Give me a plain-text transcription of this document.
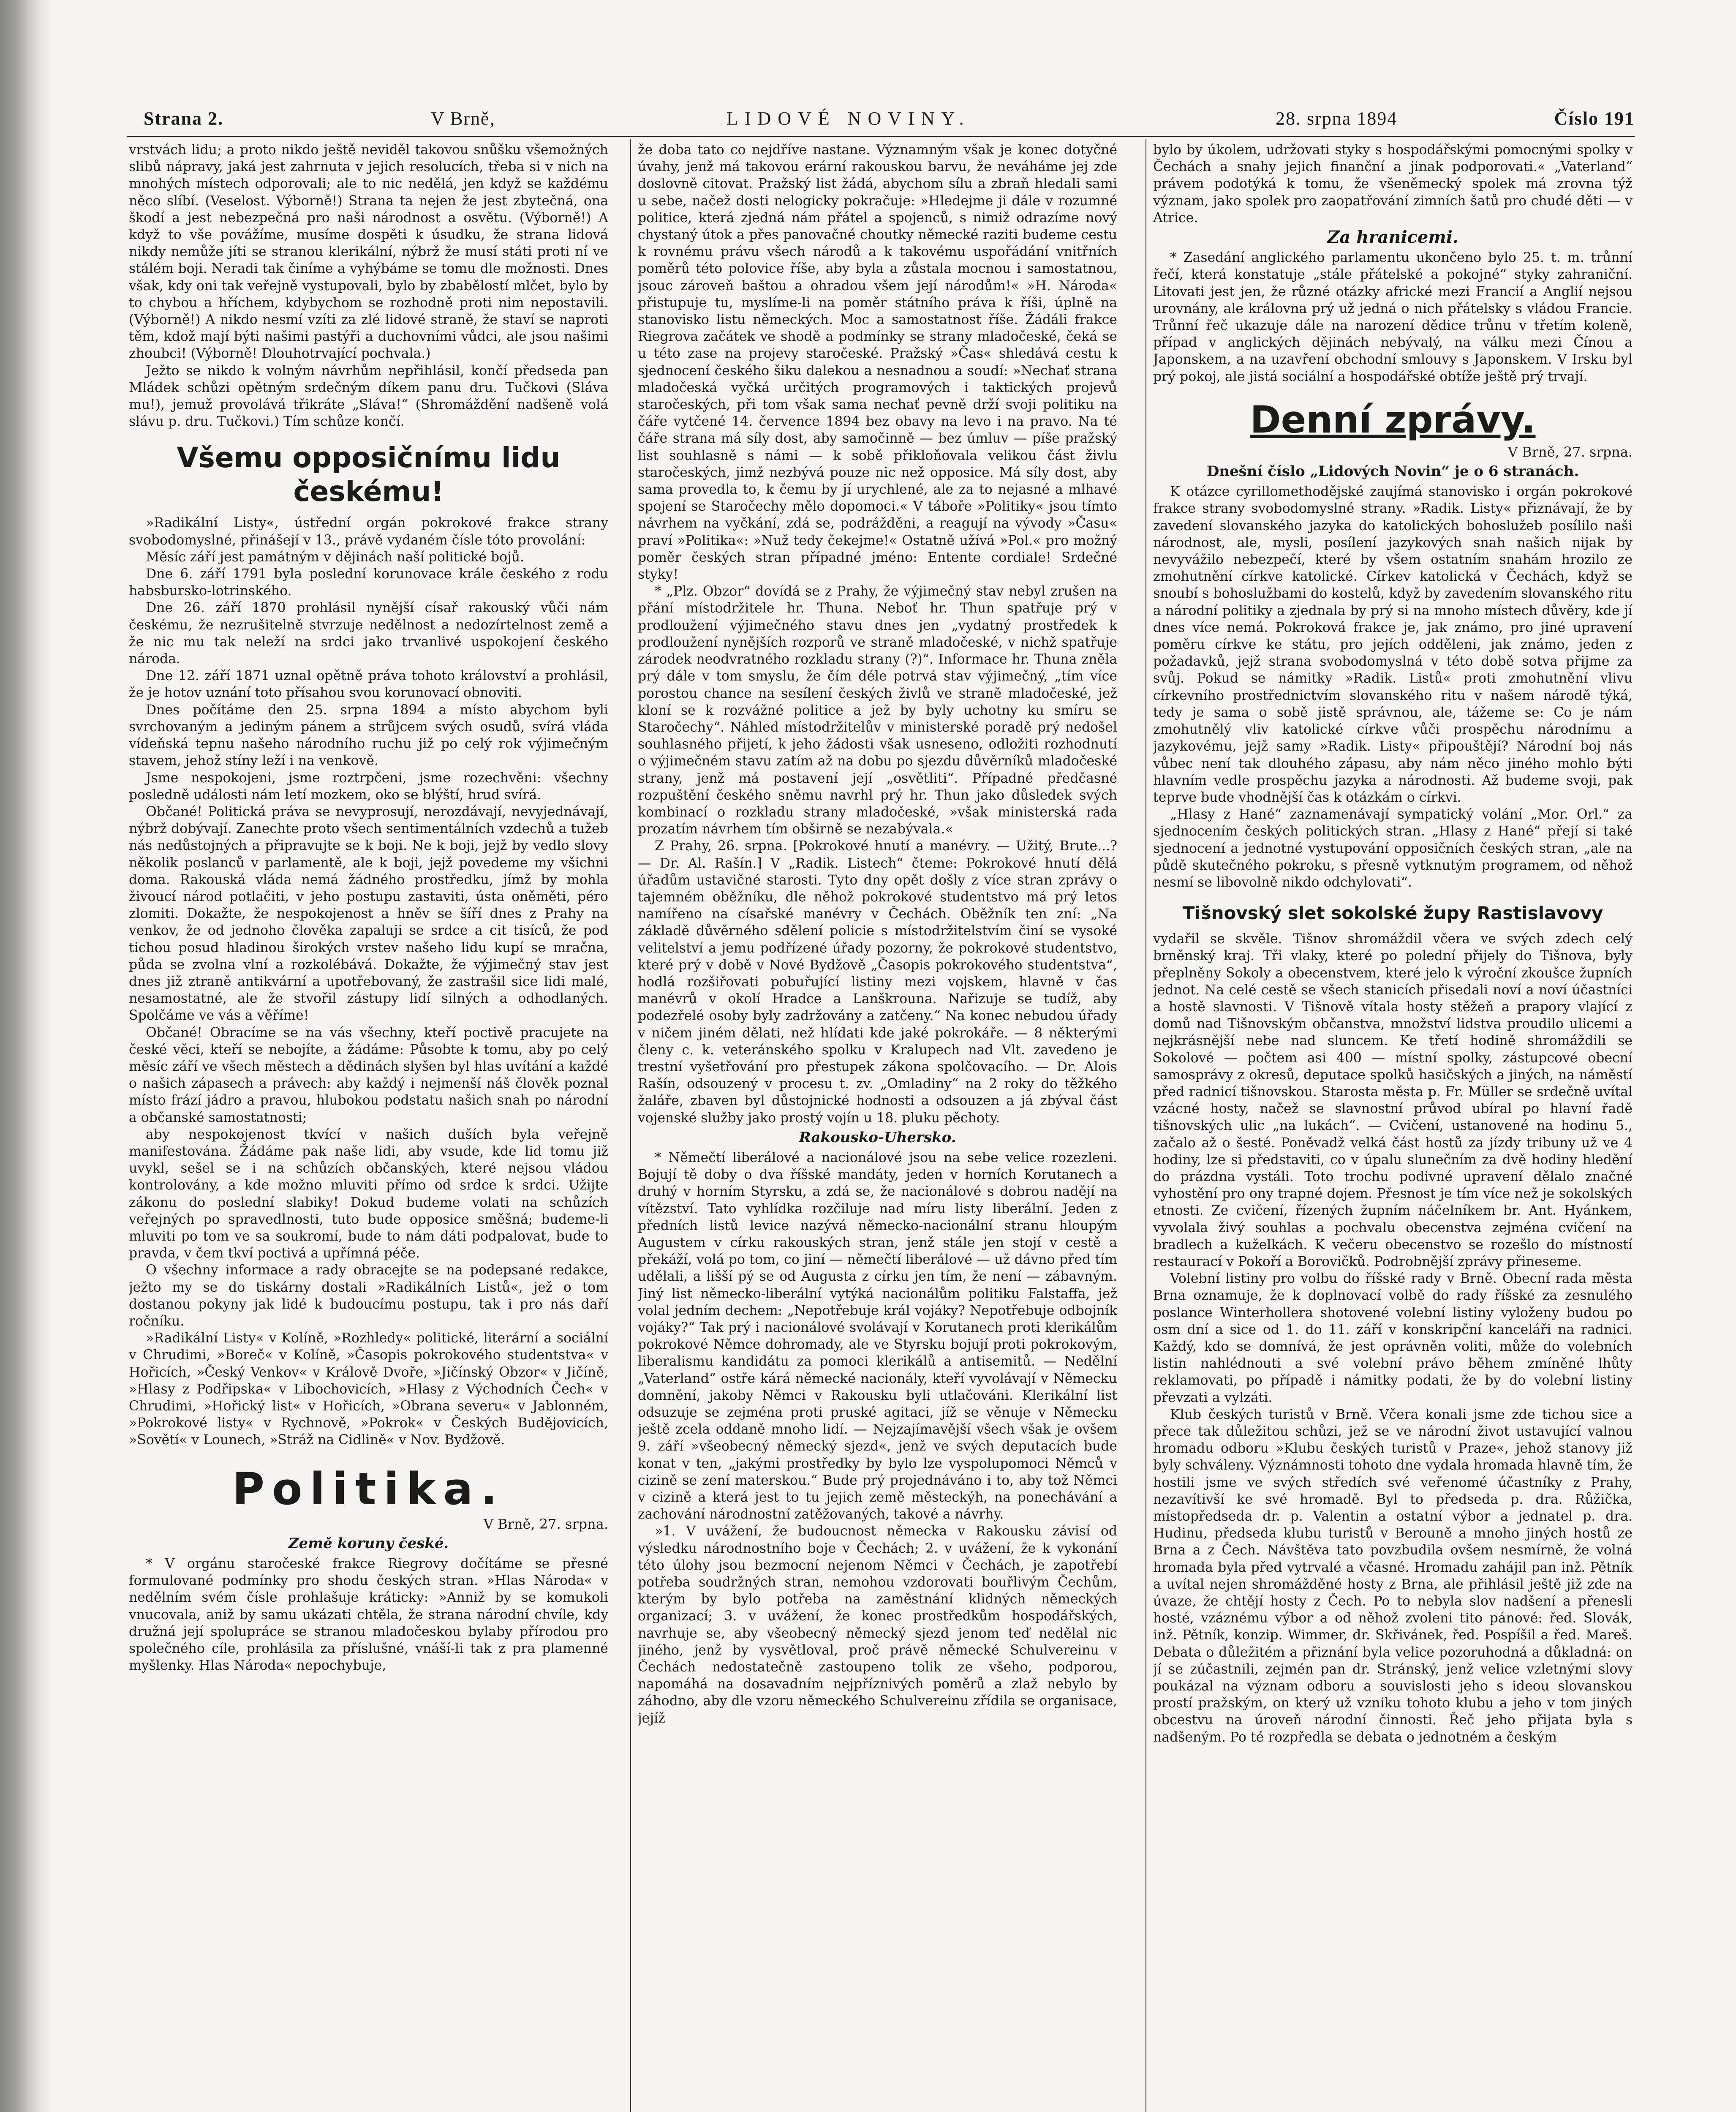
Strana 2.	V Brně,	LIDOVÉ NOVINY.	28. srpna 1894	Číslo 191

vrstvách lidu; a proto nikdo ještě neviděl takovou snůšku všemožných slibů nápravy, jaká jest zahrnuta v jejich resolucích, třeba si v nich na mnohých místech odporovali; ale to nic nedělá, jen když se každému něco slíbí. (Veselost. Výborně!) Strana ta nejen že jest zbytečná, ona škodí a jest nebezpečná pro naši národnost a osvětu. (Výborně!) A když to vše povážíme, musíme dospěti k úsudku, že strana lidová nikdy nemůže jíti se stranou klerikální, nýbrž že musí státi proti ní ve stálém boji. Neradi tak činíme a vyhýbáme se tomu dle možnosti. Dnes však, kdy oni tak veřejně vystupovali, bylo by zbabělostí mlčet, bylo by to chybou a hříchem, kdybychom se rozhodně proti nim nepostavili. (Výborně!) A nikdo nesmí vzíti za zlé lidové straně, že staví se naproti těm, kdož mají býti našimi pastýři a duchovními vůdci, ale jsou našimi zhoubci! (Výborně! Dlouhotrvající pochvala.)

Ježto se nikdo k volným návrhům nepřihlásil, končí předseda pan Mládek schůzi opětným srdečným díkem panu dru. Tučkovi (Sláva mu!), jemuž provolává třikráte „Sláva!“ (Shromáždění nadšeně volá slávu p. dru. Tučkovi.) Tím schůze končí.

Všemu opposičnímu lidu českému!

»Radikální Listy«, ústřední orgán pokrokové frakce strany svobodomyslné, přinášejí v 13., právě vydaném čísle tóto provolání:

Měsíc září jest památným v dějinách naší politické bojů.

Dne 6. září 1791 byla poslední korunovace krále českého z rodu habsbursko-lotrinského.

Dne 26. září 1870 prohlásil nynější císař rakouský vůči nám českému, že nezrušitelně stvrzuje nedělnost a nedozírtelnost země a že nic mu tak neleží na srdci jako trvanlivé uspokojení českého národa.

Dne 12. září 1871 uznal opětně práva tohoto království a prohlásil, že je hotov uznání toto přísahou svou korunovací obnoviti.

Dnes počítáme den 25. srpna 1894 a místo abychom byli svrchovaným a jediným pánem a strůjcem svých osudů, svírá vláda vídeňská tepnu našeho národního ruchu již po celý rok výjimečným stavem, jehož stíny leží i na venkově.

Jsme nespokojeni, jsme roztrpčeni, jsme rozechvěni: všechny posledně události nám letí mozkem, oko se blýští, hrud svírá.

Občané! Politická práva se nevyprosují, nerozdávají, nevyjednávají, nýbrž dobývají. Zanechte proto všech sentimentálních vzdechů a tužeb nás nedůstojných a připravujte se k boji. Ne k boji, jejž by vedlo slovy několik poslanců v parlamentě, ale k boji, jejž povedeme my všichni doma. Rakouská vláda nemá žádného prostředku, jímž by mohla živoucí národ potlačiti, v jeho postupu zastaviti, ústa oněměti, péro zlomiti. Dokažte, že nespokojenost a hněv se šíří dnes z Prahy na venkov, že od jednoho člověka zapaluji se srdce a cit tisíců, že pod tichou posud hladinou širokých vrstev našeho lidu kupí se mračna, půda se zvolna vlní a rozkolébává. Dokažte, že výjimečný stav jest dnes již ztraně antikvární a upotřebovaný, že zastrašil sice lidi malé, nesamostatné, ale že stvořil zástupy lidí silných a odhodlaných. Spolčáme ve vás a věříme!

Občané! Obracíme se na vás všechny, kteří poctivě pracujete na české věci, kteří se nebojíte, a žádáme: Působte k tomu, aby po celý měsíc září ve všech městech a dědinách slyšen byl hlas uvítání a každé o našich zápasech a právech: aby každý i nejmenší náš člověk poznal místo frází jádro a pravou, hlubokou podstatu našich snah po národní a občanské samostatnosti;

aby nespokojenost tkvící v našich duších byla veřejně manifestována. Žádáme pak naše lidi, aby vsude, kde lid tomu již uvykl, sešel se i na schůzích občanských, které nejsou vládou kontrolovány, a kde možno mluviti přímo od srdce k srdci. Užijte zákonu do poslední slabiky! Dokud budeme volati na schůzích veřejných po spravedlnosti, tuto bude opposice směšná; budeme-li mluviti po tom ve sa soukromí, bude to nám dáti podpalovat, bude to pravda, v čem tkví poctivá a upřímná péče.

O všechny informace a rady obracejte se na podepsané redakce, ježto my se do tiskárny dostali »Radikálních Listů«, jež o tom dostanou pokyny jak lidé k budoucímu postupu, tak i pro nás daří ročníku.

»Radikální Listy« v Kolíně, »Rozhledy« politické, literární a sociální v Chrudimi, »Boreč« v Kolíně, »Časopis pokrokového studentstva« v Hořicích, »Český Venkov« v Králově Dvoře, »Jičínský Obzor« v Jičíně, »Hlasy z Podřipska« v Libochovicích, »Hlasy z Východních Čech« v Chrudimi, »Hořický list« v Hořicích, »Obrana severu« v Jablonném, »Pokrokové listy« v Rychnově, »Pokrok« v Českých Budějovicích, »Sovětí« v Lounech, »Stráž na Cidlině« v Nov. Bydžově.

Politika.
V Brně, 27. srpna.
Země koruny české.

* V orgánu staročeské frakce Riegrovy dočítáme se přesné formulované podmínky pro shodu českých stran. »Hlas Národa« v nedělním svém čísle prohlašuje kráticky: »Anniž by se komukoli vnucovala, aniž by samu ukázati chtěla, že strana národní chvíle, kdy družná její spolupráce se stranou mladočeskou bylaby přírodou pro společného cíle, prohlásila za příslušné, vnáší-li tak z pra plamenné myšlenky. Hlas Národa« nepochybuje,

že doba tato co nejdříve nastane. Významným však je konec dotyčné úvahy, jenž má takovou erární rakouskou barvu, že neváháme jej zde doslovně citovat. Pražský list žádá, abychom sílu a zbraň hledali sami u sebe, načež dosti nelogicky pokračuje: »Hledejme ji dále v rozumné politice, která zjedná nám přátel a spojenců, s nimiž odrazíme nový chystaný útok a přes panovačné choutky německé raziti budeme cestu k rovnému právu všech národů a k takovému uspořádání vnitřních poměrů této polovice říše, aby byla a zůstala mocnou i samostatnou, jsouc zároveň baštou a ohradou všem její národům!« »H. Národa« přistupuje tu, myslíme-li na poměr státního práva k říši, úplně na stanovisko listu německých. Moc a samostatnost říše. Žádáli frakce Riegrova začátek ve shodě a podmínky se strany mladočeské, čeká se u této zase na projevy staročeské. Pražský »Čas« shledává cestu k sjednocení českého šiku dalekou a nesnadnou a soudí: »Nechať strana mladočeská vyčká určitých programových i taktických projevů staročeských, při tom však sama nechať pevně drží svoji politiku na čáře vytčené 14. července 1894 bez obavy na levo i na pravo. Na té čáře strana má síly dost, aby samočinně — bez úmluv — píše pražský list souhlasně s námi — k sobě přikloňovala velikou část živlu staročeských, jimž nezbývá pouze nic než opposice. Má síly dost, aby sama provedla to, k čemu by jí urychlené, ale za to nejasné a mlhavé spojení se Staročechy mělo dopomoci.« V táboře »Politiky« jsou tímto návrhem na vyčkání, zdá se, podrážděni, a reagují na vývody »Času« praví »Politika«: »Nuž tedy čekejme!« Ostatně užívá »Pol.« pro možný poměr českých stran případné jméno: Entente cordiale! Srdečné styky!

* „Plz. Obzor“ dovídá se z Prahy, že výjimečný stav nebyl zrušen na přání místodržitele hr. Thuna. Neboť hr. Thun spatřuje prý v prodloužení výjimečného stavu dnes jen „vydatný prostředek k prodloužení nynějších rozporů ve straně mladočeské, v nichž spatřuje zárodek neodvratného rozkladu strany (?)“. Informace hr. Thuna zněla prý dále v tom smyslu, že čím déle potrvá stav výjimečný, „tím více porostou chance na sesílení českých živlů ve straně mladočeské, jež kloní se k rozvážné politice a jež by byly uchotny ku smíru se Staročechy“. Náhled místodržitelův v ministerské poradě prý nedošel souhlasného přijetí, k jeho žádosti však usneseno, odložiti rozhodnutí o výjimečném stavu zatím až na dobu po sjezdu důvěrníků mladočeské strany, jenž má postavení její „osvětliti“. Případné předčasné rozpuštění českého sněmu navrhl prý hr. Thun jako důsledek svých kombinací o rozkladu strany mladočeské, »však ministerská rada prozatím návrhem tím obširně se nezabývala.«

Z Prahy, 26. srpna. [Pokrokové hnutí a manévry. — Užitý, Brute...? — Dr. Al. Rašín.] V „Radik. Listech“ čteme: Pokrokové hnutí dělá úřadům ustavičné starosti. Tyto dny opět došly z více stran zprávy o tajemném oběžníku, dle něhož pokrokové studentstvo má prý letos namířeno na císařské manévry v Čechách. Oběžník ten zní: „Na základě důvěrného sdělení policie s místodržitelstvím činí se vysoké velitelství a jemu podřízené úřady pozorny, že pokrokové studentstvo, které prý v době v Nové Bydžově „Časopis pokrokového studentstva“, hodlá rozšiřovati pobuřující listiny mezi vojskem, hlavně v čas manévrů v okolí Hradce a Lanškrouna. Nařizuje se tudíž, aby podezřelé osoby byly zadržovány a zatčeny.“ Na konec nebudou úřady v ničem jiném dělati, než hlídati kde jaké pokrokáře. — 8 některými členy c. k. veteránského spolku v Kralupech nad Vlt. zavedeno je trestní vyšetřování pro přestupek zákona spolčovacího. — Dr. Alois Rašín, odsouzený v procesu t. zv. „Omladiny“ na 2 roky do těžkého žaláře, zbaven byl důstojnické hodnosti a odsouzen a já zbýval část vojenské služby jako prostý vojín u 18. pluku pěchoty.

Rakousko-Uhersko.

* Němečtí liberálové a nacionálové jsou na sebe velice rozezleni. Bojují tě doby o dva říšské mandáty, jeden v horních Korutanech a druhý v horním Styrsku, a zdá se, že nacionálové s dobrou nadějí na vítězství. Tato vyhlídka rozčiluje nad míru listy liberální. Jeden z předních listů levice nazývá německo-nacionální stranu hloupým Augustem v círku rakouských stran, jenž stále jen stojí v cestě a překáží, volá po tom, co jiní — němečtí liberálové — už dávno před tím udělali, a lišší pý se od Augusta z círku jen tím, že není — zábavným. Jiný list německo-liberální vytýká nacionálům politiku Falstaffa, jež volal jedním dechem: „Nepotřebuje král vojáky? Nepotřebuje odbojník vojáky?“ Tak prý i nacionálové svolávají v Korutanech proti klerikálům pokrokové Němce dohromady, ale ve Styrsku bojují proti pokrokovým, liberalismu kandidátu za pomoci klerikálů a antisemitů. — Nedělní „Vaterland“ ostře kárá německé nacionály, kteří vyvolávají v Německu domnění, jakoby Němci v Rakousku byli utlačováni. Klerikální list odsuzuje se zejména proti pruské agitaci, jíž se věnuje v Německu ještě zcela oddaně mnoho lidí. — Nejzajímavější všech však je ovšem 9. září »všeobecný německý sjezd«, jenž ve svých deputacích bude konat v ten, „jakými prostředky by bylo lze vyspolupomoci Němců v cizině se zení materskou.“ Bude prý projednáváno i to, aby tož Němci v cizině a která jest to tu jejich země městeckýh, na ponechávání a zachování národnostní zatěžovaných, takové a návrhy.

»1. V uvážení, že budoucnost německa v Rakousku závisí od výsledku národnostního boje v Čechách; 2. v uvážení, že k vykonání této úlohy jsou bezmocní nejenom Němci v Čechách, je zapotřebí potřeba soudržných stran, nemohou vzdorovati bouřlivým Čechům, kterým by bylo potřeba na zaměstnání klidných německých organizací; 3. v uvážení, že konec prostředkům hospodářských, navrhuje se, aby všeobecný německý sjezd jenom teď nedělal nic jiného, jenž by vysvětloval, proč právě německé Schulvereinu v Čechách nedostatečně zastoupeno tolik ze všeho, podporou, napomáhá na dosavadním nejpříznivých poměrů a zlaž nebylo by záhodno, aby dle vzoru německého Schulvereinu zřídila se organisace, jejíž

bylo by úkolem, udržovati styky s hospodářskými pomocnými spolky v Čechách a snahy jejich finanční a jinak podporovati.« „Vaterland“ právem podotýká k tomu, že všeněmecký spolek má zrovna týž význam, jako spolek pro zaopatřování zimních šatů pro chudé děti — v Atrice.

Za hranicemi.

* Zasedání anglického parlamentu ukončeno bylo 25. t. m. trůnní řečí, která konstatuje „stále přátelské a pokojné“ styky zahraniční. Litovati jest jen, že různé otázky africké mezi Francií a Anglií nejsou urovnány, ale královna prý už jedná o nich přátelsky s vládou Francie. Trůnní řeč ukazuje dále na narození dědice trůnu v třetím koleně, případ v anglických dějinách nebývalý, na válku mezi Čínou a Japonskem, a na uzavření obchodní smlouvy s Japonskem. V Irsku byl prý pokoj, ale jistá sociální a hospodářské obtíže ještě prý trvají.

Denní zprávy.
V Brně, 27. srpna.
Dnešní číslo „Lidových Novin“ je o 6 stranách.

K otázce cyrillomethodějské zaujímá stanovisko i orgán pokrokové frakce strany svobodomyslné strany. »Radik. Listy« přiznávají, že by zavedení slovanského jazyka do katolických bohoslužeb posílilo naši národnost, ale, mysli, posílení jazykových snah našich nijak by nevyvážilo nebezpečí, které by všem ostatním snahám hrozilo ze zmohutnění církve katolické. Církev katolická v Čechách, když se snoubí s bohoslužbami do kostelů, když by zavedením slovanského ritu a národní politiky a zjednala by prý si na mnoho místech důvěry, kde jí dnes více nemá. Pokroková frakce je, jak známo, pro jiné upravení poměru církve ke státu, pro jejích odděleni, jak známo, jeden z požadavků, jejž strana svobodomyslná v této době sotva přijme za svůj. Pokud se námitky »Radik. Listů« proti zmohutnění vlivu církevního prostřednictvím slovanského ritu v našem národě týká, tedy je sama o sobě jistě správnou, ale, tážeme se: Co je nám zmohutnělý vliv katolické církve vůči prospěchu národnímu a jazykovému, jejž samy »Radik. Listy« připouštějí? Národní boj nás vůbec není tak dlouhého zápasu, aby nám něco jiného mohlo býti hlavním vedle prospěchu jazyka a národnosti. Až budeme svoji, pak teprve bude vhodnější čas k otázkám o církvi.

„Hlasy z Hané“ zaznamenávají sympatický volání „Mor. Orl.“ za sjednocením českých politických stran. „Hlasy z Hané“ přejí si také sjednocení a jednotné vystupování opposičních českých stran, „ale na půdě skutečného pokroku, s přesně vytknutým programem, od něhož nesmí se libovolně nikdo odchylovati“.

Tišnovský slet sokolské župy Rastislavovy

vydařil se skvěle. Tišnov shromáždil včera ve svých zdech celý brněnský kraj. Tři vlaky, které po polední přijely do Tišnova, byly přeplněny Sokoly a obecenstvem, které jelo k výroční zkoušce župních jednot. Na celé cestě se všech stanicích přisedali noví a noví účastníci a hostě slavnosti. V Tišnově vítala hosty stěžeň a prapory vlající z domů nad Tišnovským občanstva, množství lidstva proudilo ulicemi a nejkrásnější nebe nad sluncem. Ke třetí hodině shromáždili se Sokolové — počtem asi 400 — místní spolky, zástupcové obecní samosprávy z okresů, deputace spolků hasičských a jiných, na náměstí před radnicí tišnovskou. Starosta města p. Fr. Müller se srdečně uvítal vzácné hosty, načež se slavnostní průvod ubíral po hlavní řadě tišnovských ulic „na lukách“. — Cvičení, ustanovené na hodinu 5., začalo až o šesté. Poněvadž velká část hostů za jízdy tribuny už ve 4 hodiny, lze si představiti, co v úpalu slunečním za dvě hodiny hledění do prázdna vystáli. Toto trochu podivné upravení dělalo značné vyhostění pro ony trapné dojem. Přesnost je tím více než je sokolských etnosti. Ze cvičení, řízených župním náčelníkem br. Ant. Hyánkem, vyvolala živý souhlas a pochvalu obecenstva zejména cvičení na bradlech a kuželkách. K večeru obecenstvo se rozešlo do místností restaurací v Pokoří a Borovičků. Podrobnější zprávy přineseme.

Volební listiny pro volbu do říšské rady v Brně. Obecní rada města Brna oznamuje, že k doplnovací volbě do rady říšské za zesnulého poslance Winterhollera shotovené volební listiny vyloženy budou po osm dní a sice od 1. do 11. září v konskripční kanceláři na radnici. Každý, kdo se domnívá, že jest oprávněn voliti, může do volebních listin nahlédnouti a své volební právo během zmíněné lhůty reklamovati, po případě i námitky podati, že by do volební listiny převzati a vylzáti.

Klub českých turistů v Brně. Včera konali jsme zde tichou sice a přece tak důležitou schůzi, jež se ve národní život ustavující valnou hromadu odboru »Klubu českých turistů v Praze«, jehož stanovy již byly schváleny. Význámnosti tohoto dne vydala hromada hlavně tím, že hostili jsme ve svých středích své veřenomé účastníky z Prahy, nezavítivší ke své hromadě. Byl to předseda p. dra. Růžička, místopředseda dr. p. Valentin a ostatní výbor a jednatel p. dra. Hudinu, předseda klubu turistů v Berouně a mnoho jiných hostů ze Brna a z Čech. Návštěva tato povzbudila ovšem nesmírně, že volná hromada byla před vytrvalé a včasné. Hromadu zahájil pan inž. Pětník a uvítal nejen shromážděné hosty z Brna, ale přihlásil ještě již zde na úvaze, že chtějí hosty z Čech. Po to nebyla slov nadšení a přenesli hosté, vzáznému výbor a od něhož zvoleni tito pánové: řed. Slovák, inž. Pětník, konzip. Wimmer, dr. Skřivánek, řed. Pospíšil a řed. Mareš. Debata o důležitém a přiznání byla velice pozoruhodná a důkladná: on jí se zúčastnili, zejmén pan dr. Stránský, jenž velice vzletnými slovy poukázal na význam odboru a souvislosti jeho s ideou slovanskou prostí pražským, on který už vzniku tohoto klubu a jeho v tom jiných obcestvu na úroveň národní činnosti. Řeč jeho přijata byla s nadšeným. Po té rozpředla se debata o jednotném a českým
